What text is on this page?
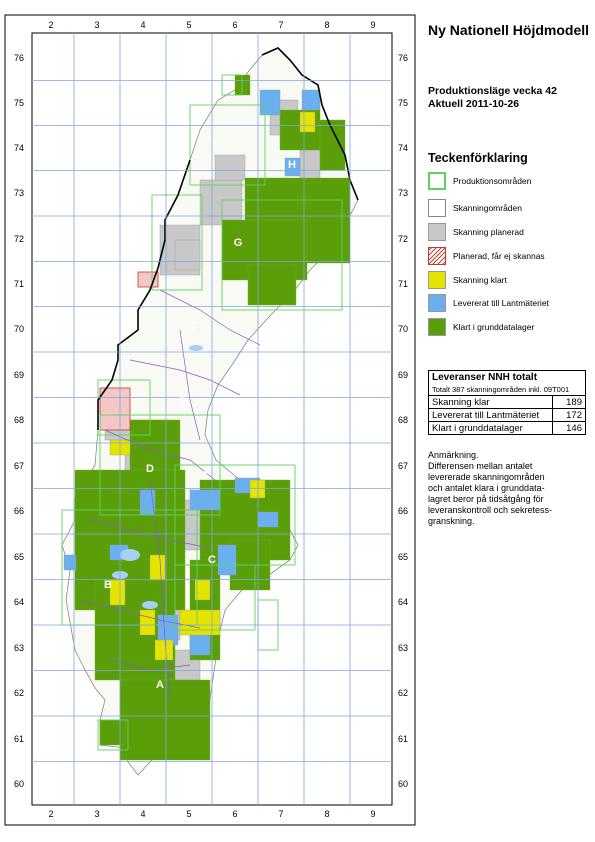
2
2
3
3
4
4
5
5
6
6
7
7
8
8
9
9
76	76
75	75
74	74
73	73
72	72
71	71
70	70
69	69
68	68
67	67
66	66
65	65
64	64
63	63
62	62
61	61
60	60
A
B
C
D
E
E
F
F
G
H
I
Ny Nationell Höjdmodell
Produktionsläge vecka 42
Aktuell 2011-10-26
Teckenförklaring
Produktionsområden
Skanningområden
Skanning planerad
Planerad, får ej skannas
Skanning klart
Levererat till Lantmäteriet
Klart i grunddatalager
Leveranser NNH totalt	
Totalt 387 skanningområden inkl. 09T001	
Skanning klar	189
Levererat till Lantmäteriet	172
Klart i grunddatalager	146
Anmärkning.
Differensen mellan antalet
levererade skanningområden
och antalet klara i grunddata-
lagret beror på tidsåtgång för
leveranskontroll och sekretess-
granskning.
